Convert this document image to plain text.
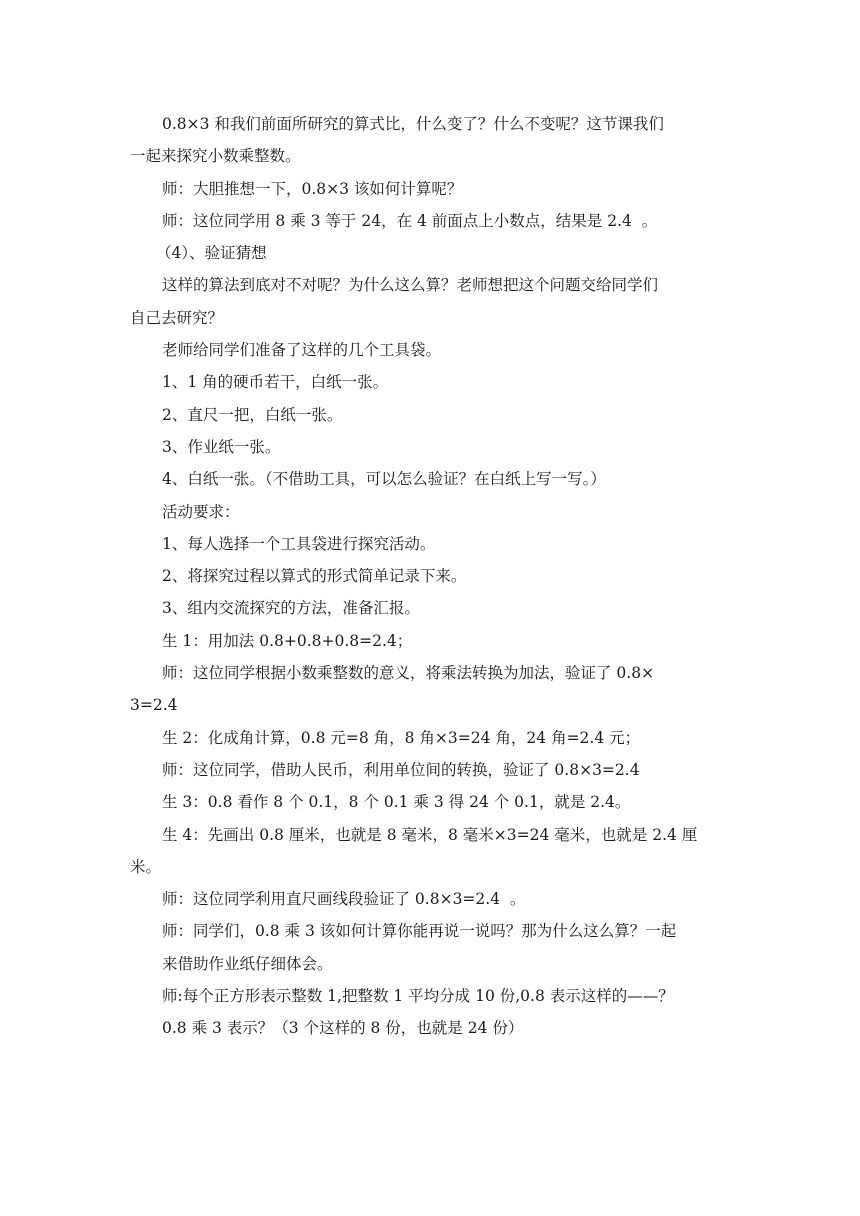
0.8×3 和我们前面所研究的算式比，什么变了？什么不变呢？这节课我们
一起来探究小数乘整数。
师：大胆推想一下，0.8×3 该如何计算呢？
师：这位同学用 8 乘 3 等于 24，在 4 前面点上小数点，结果是 2.4  。
（4）、验证猜想
这样的算法到底对不对呢？为什么这么算？老师想把这个问题交给同学们
自己去研究？
老师给同学们准备了这样的几个工具袋。
1、1 角的硬币若干，白纸一张。
2、直尺一把，白纸一张。
3、作业纸一张。
4、白纸一张。（不借助工具，可以怎么验证？在白纸上写一写。）
活动要求：
1、每人选择一个工具袋进行探究活动。
2、将探究过程以算式的形式简单记录下来。
3、组内交流探究的方法，准备汇报。
生 1：用加法 0.8+0.8+0.8=2.4；
师：这位同学根据小数乘整数的意义，将乘法转换为加法，验证了 0.8×
3=2.4
生 2：化成角计算，0.8 元=8 角，8 角×3=24 角，24 角=2.4 元；
师：这位同学，借助人民币，利用单位间的转换，验证了 0.8×3=2.4
生 3：0.8 看作 8 个 0.1，8 个 0.1 乘 3 得 24 个 0.1，就是 2.4。
生 4：先画出 0.8 厘米，也就是 8 毫米，8 毫米×3=24 毫米，也就是 2.4 厘
米。
师：这位同学利用直尺画线段验证了 0.8×3=2.4  。
师：同学们，0.8 乘 3 该如何计算你能再说一说吗？那为什么这么算？一起
来借助作业纸仔细体会。
师:每个正方形表示整数 1,把整数 1 平均分成 10 份,0.8 表示这样的——？
0.8 乘 3 表示？（3 个这样的 8 份，也就是 24 份）
